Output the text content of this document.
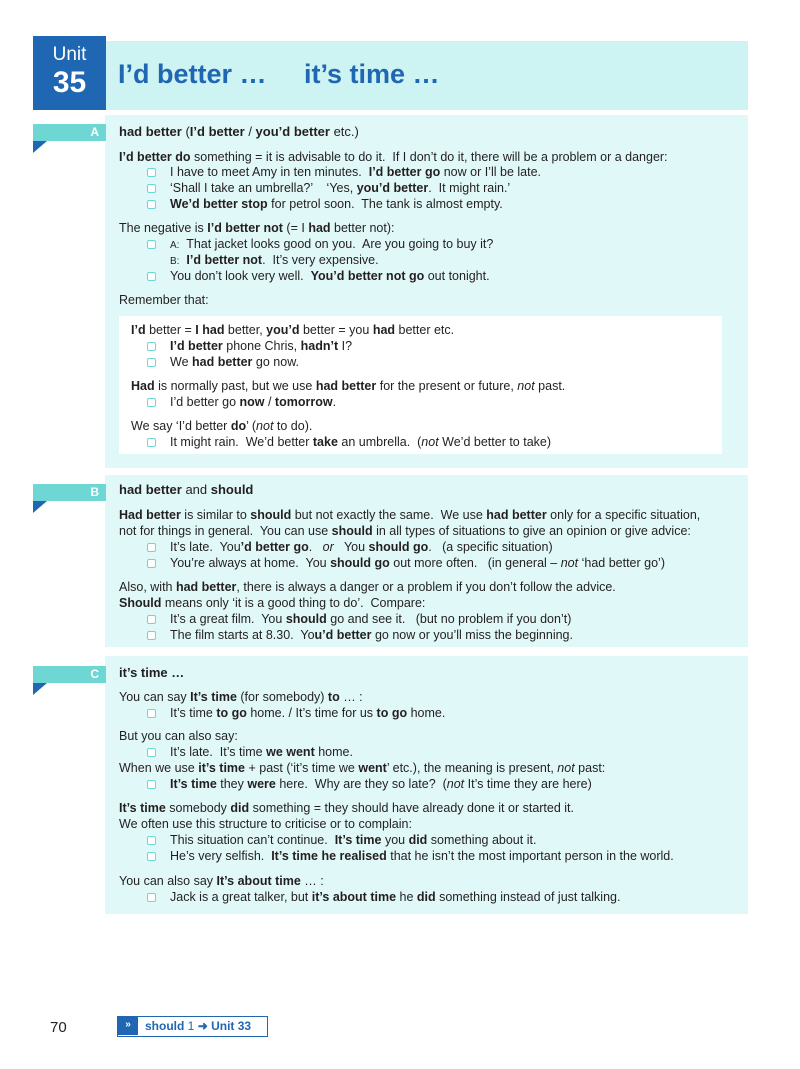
Unit
35	I’d better …     it’s time …
A	had better (I’d better / you’d better etc.)
I’d better do something = it is advisable to do it.  If I don’t do it, there will be a problem or a danger:
I have to meet Amy in ten minutes.  I’d better go now or I’ll be late.
‘Shall I take an umbrella?’    ‘Yes, you’d better.  It might rain.’
We’d better stop for petrol soon.  The tank is almost empty.
The negative is I’d better not (= I had better not):
A: That jacket looks good on you.  Are you going to buy it?
B: I’d better not.  It’s very expensive.
You don’t look very well.  You’d better not go out tonight.
Remember that:
I’d better = I had better, you’d better = you had better etc.
I’d better phone Chris, hadn’t I?
We had better go now.
Had is normally past, but we use had better for the present or future, not past.
I’d better go now / tomorrow.
We say ‘I’d better do’ (not to do).
It might rain.  We’d better take an umbrella.  (not We’d better to take)
B	had better and should
Had better is similar to should but not exactly the same.  We use had better only for a specific situation,
not for things in general.  You can use should in all types of situations to give an opinion or give advice:
It’s late.  You’d better go.   or   You should go.   (a specific situation)
You’re always at home.  You should go out more often.   (in general – not ‘had better go’)
Also, with had better, there is always a danger or a problem if you don’t follow the advice.
Should means only ‘it is a good thing to do’.  Compare:
It’s a great film.  You should go and see it.   (but no problem if you don’t)
The film starts at 8.30.  You’d better go now or you’ll miss the beginning.
C	it’s time …
You can say It’s time (for somebody) to … :
It’s time to go home. / It’s time for us to go home.
But you can also say:
It’s late.  It’s time we went home.
When we use it’s time + past (‘it’s time we went’ etc.), the meaning is present, not past:
It’s time they were here.  Why are they so late?  (not It’s time they are here)
It’s time somebody did something = they should have already done it or started it.
We often use this structure to criticise or to complain:
This situation can’t continue.  It’s time you did something about it.
He’s very selfish.  It’s time he realised that he isn’t the most important person in the world.
You can also say It’s about time … :
Jack is a great talker, but it’s about time he did something instead of just talking.
70	»	should 1 ➜ Unit 33
